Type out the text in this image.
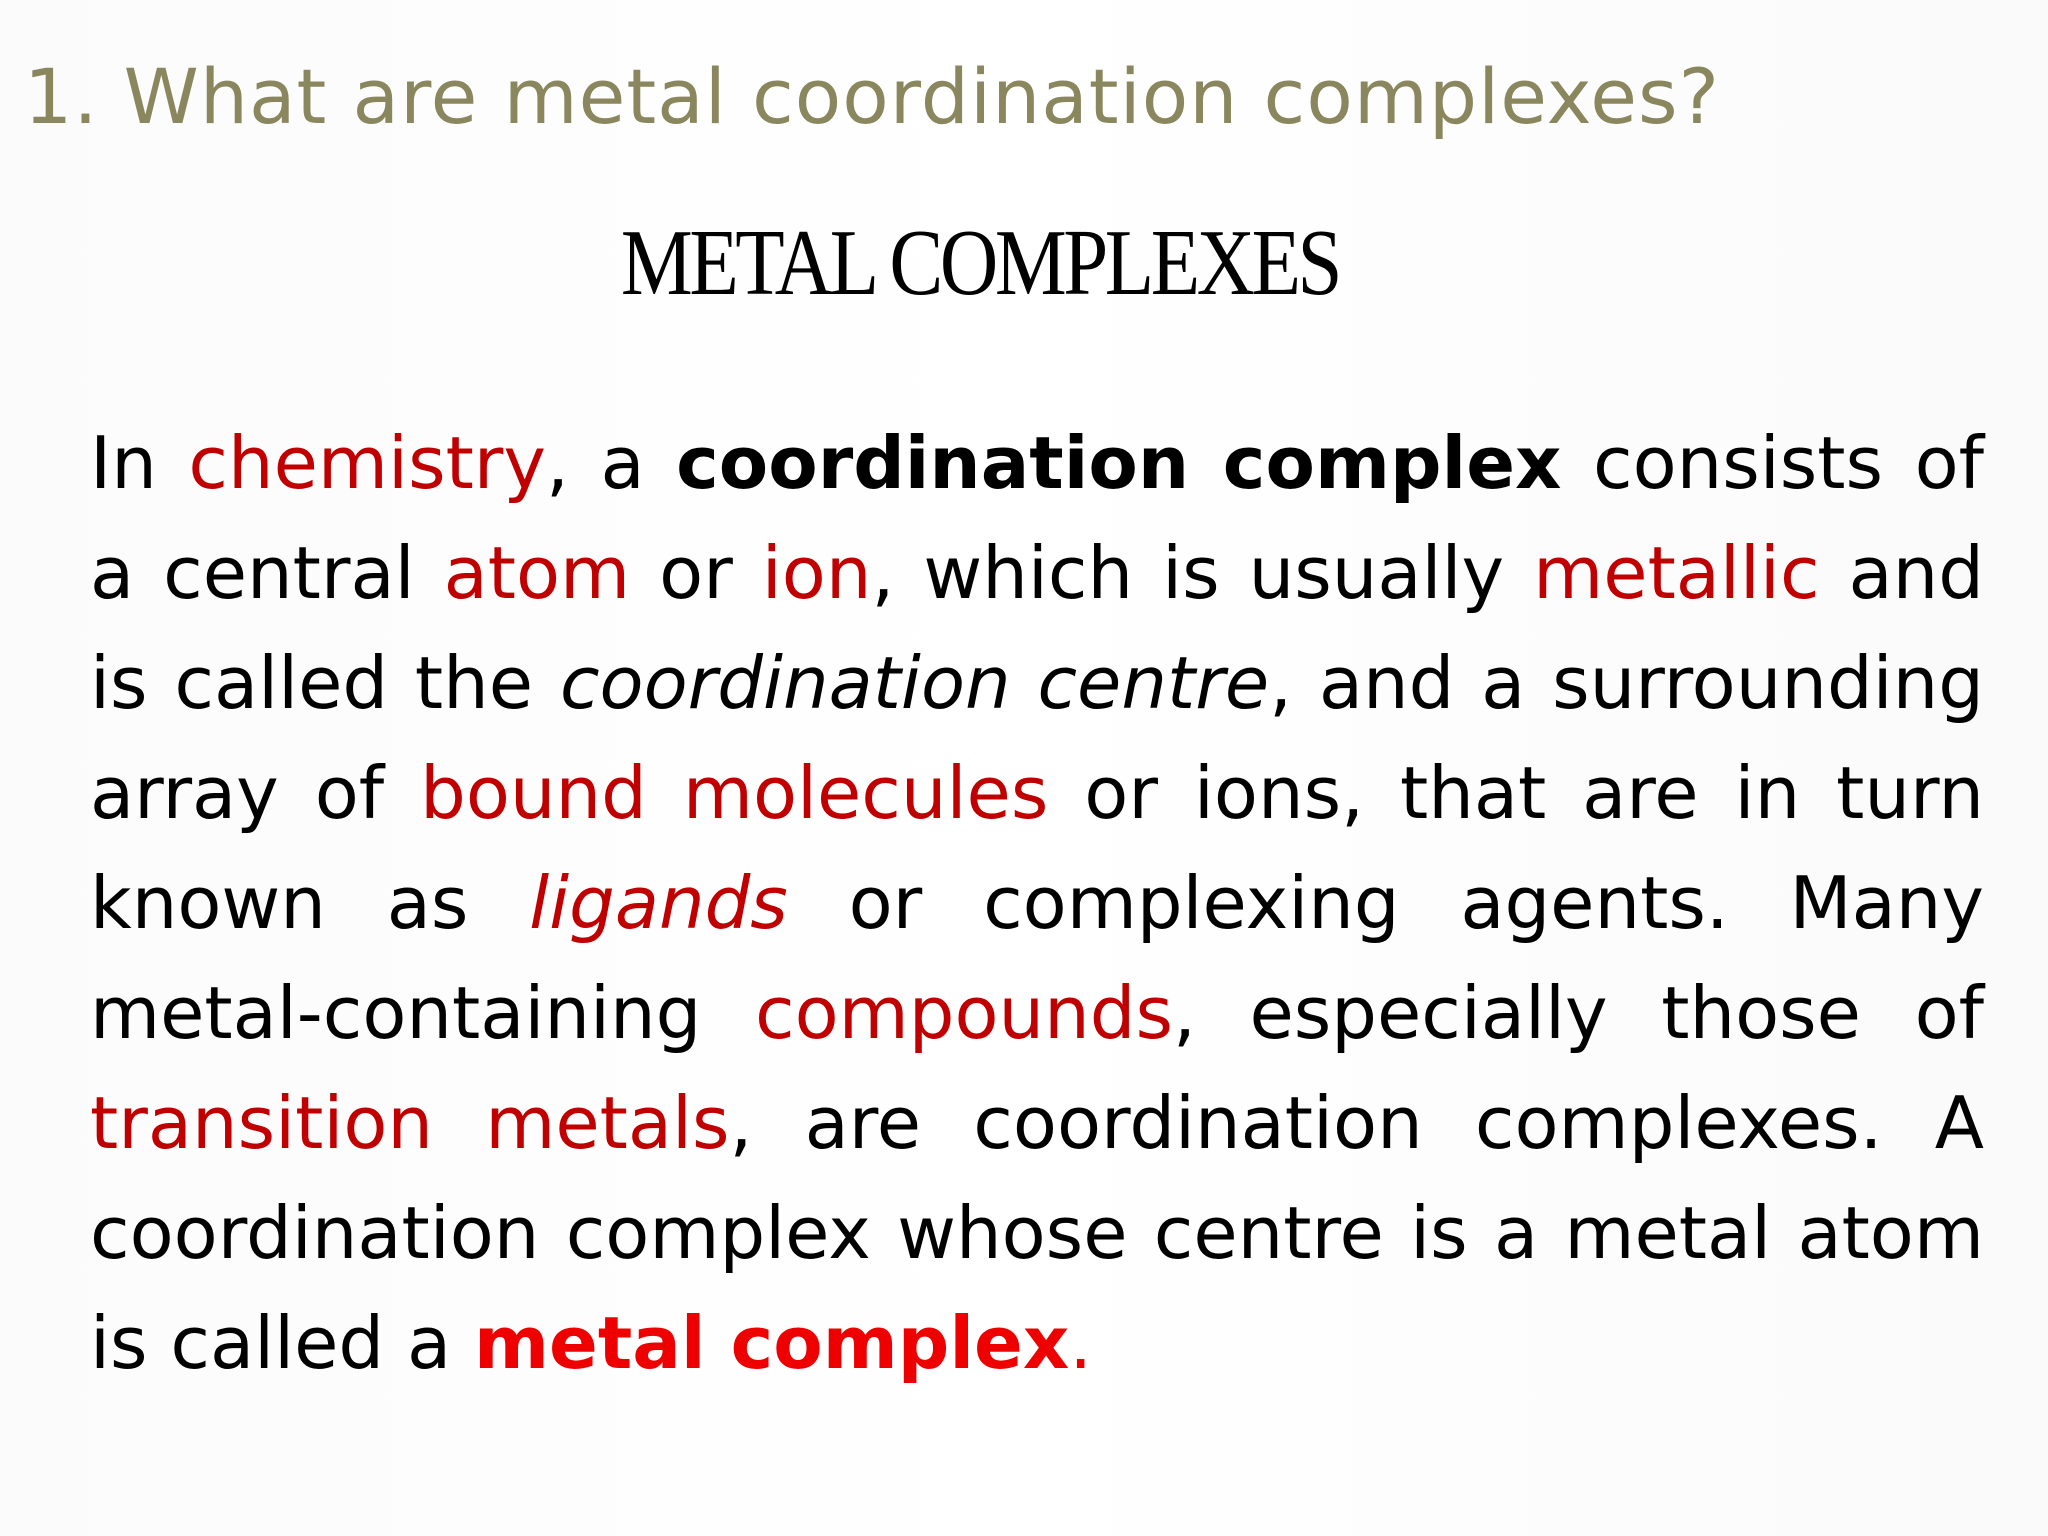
1. What are metal coordination complexes?
METAL COMPLEXES

In chemistry, a coordination complex consists of a central atom or ion, which is usually metallic and is called the coordination centre, and a surrounding array of bound molecules or ions, that are in turn known as ligands or complexing agents. Many metal-containing compounds, especially those of transition metals, are coordination complexes. A coordination complex whose centre is a metal atom is called a metal complex.
